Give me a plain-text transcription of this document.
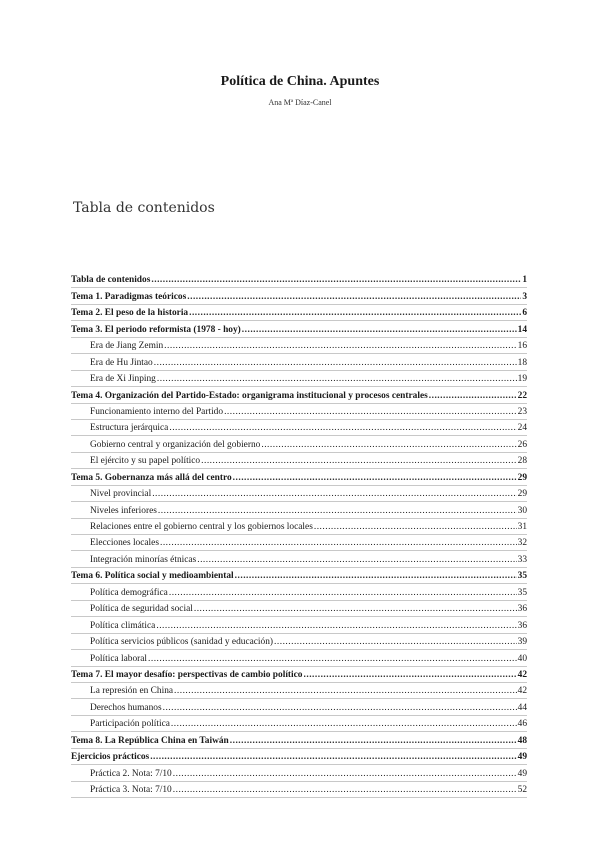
Política de China. Apuntes
Ana Mª Díaz-Canel
Tabla de contenidos
Tabla de contenidos .....	1
Tema 1. Paradigmas teóricos .....	3
Tema 2. El peso de la historia .....	6
Tema 3. El periodo reformista (1978 - hoy) .....	14
Era de Jiang Zemin .....	16
Era de Hu Jintao .....	18
Era de Xi Jinping .....	19
Tema 4. Organización del Partido-Estado: organigrama institucional y procesos centrales .....	22
Funcionamiento interno del Partido .....	23
Estructura jerárquica .....	24
Gobierno central y organización del gobierno .....	26
El ejército y su papel político .....	28
Tema 5. Gobernanza más allá del centro .....	29
Nivel provincial .....	29
Niveles inferiores .....	30
Relaciones entre el gobierno central y los gobiernos locales .....	31
Elecciones locales .....	32
Integración minorías étnicas .....	33
Tema 6. Política social y medioambiental .....	35
Política demográfica .....	35
Política de seguridad social .....	36
Política climática .....	36
Política servicios públicos (sanidad y educación) .....	39
Política laboral .....	40
Tema 7. El mayor desafío: perspectivas de cambio político .....	42
La represión en China .....	42
Derechos humanos .....	44
Participación política .....	46
Tema 8. La República China en Taiwán .....	48
Ejercicios prácticos .....	49
Práctica 2. Nota: 7/10 .....	49
Práctica 3. Nota: 7/10 .....	52
